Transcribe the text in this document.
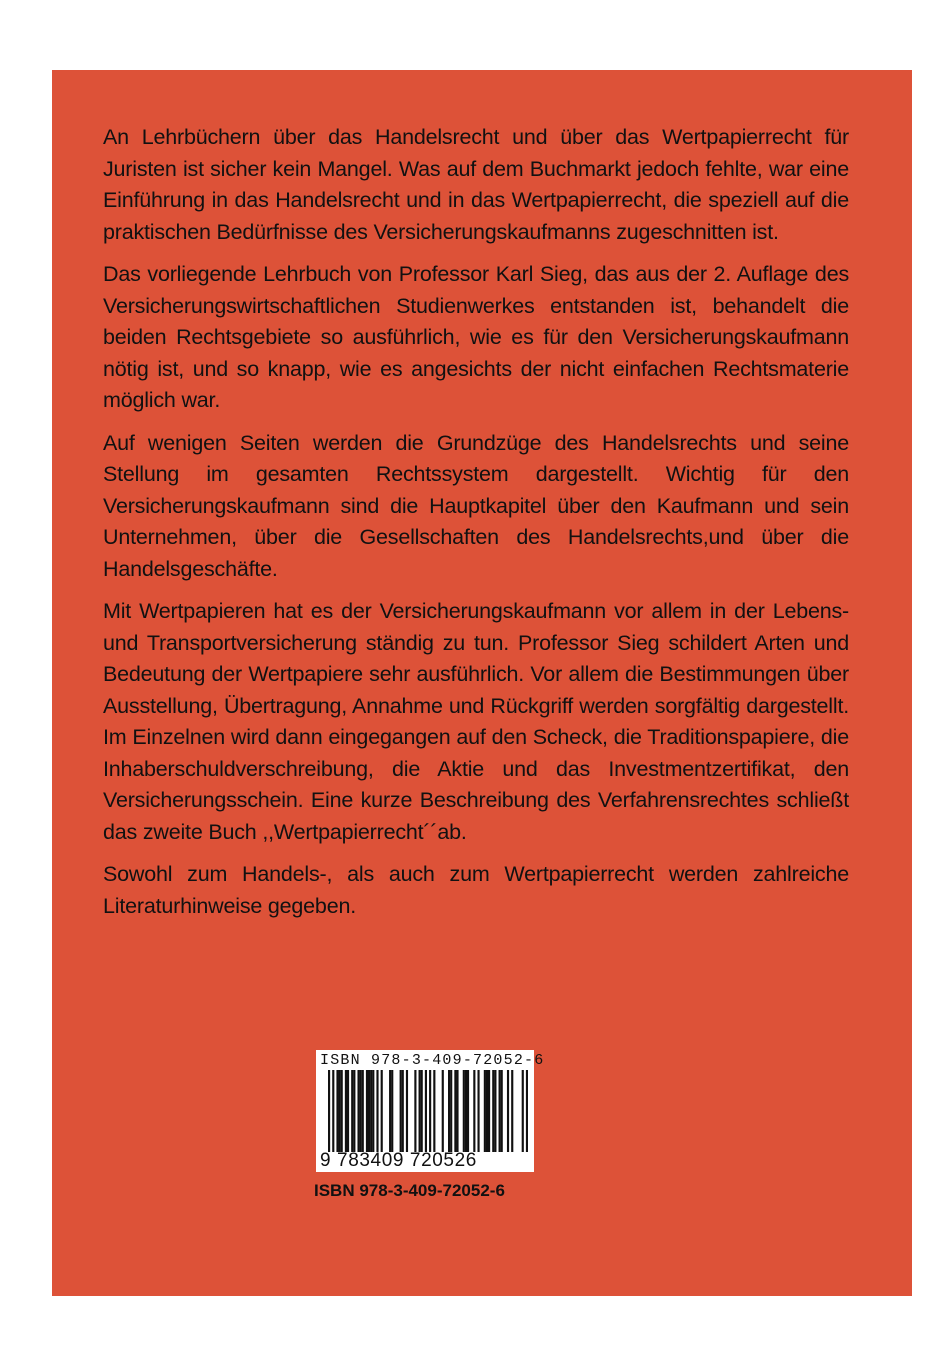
An Lehrbüchern über das Handelsrecht und über das Wertpapierrecht für Juristen ist sicher kein Mangel. Was auf dem Buchmarkt jedoch fehlte, war eine Einführung in das Handelsrecht und in das Wertpapierrecht, die speziell auf die praktischen Bedürfnisse des Versicherungskaufmanns zugeschnitten ist.

Das vorliegende Lehrbuch von Professor Karl Sieg, das aus der 2. Auflage des Versicherungswirtschaftlichen Studienwerkes entstanden ist, behandelt die beiden Rechtsgebiete so ausführlich, wie es für den Versicherungskaufmann nötig ist, und so knapp, wie es angesichts der nicht einfachen Rechtsmaterie möglich war.

Auf wenigen Seiten werden die Grundzüge des Handelsrechts und seine Stellung im gesamten Rechtssystem dargestellt. Wichtig für den Versicherungskaufmann sind die Hauptkapitel über den Kaufmann und sein Unternehmen, über die Gesellschaften des Handelsrechts,und über die Handelsgeschäfte.

Mit Wertpapieren hat es der Versicherungskaufmann vor allem in der Lebens- und Transportversicherung ständig zu tun. Professor Sieg schildert Arten und Bedeutung der Wertpapiere sehr ausführlich. Vor allem die Bestimmungen über Ausstellung, Übertragung, Annahme und Rückgriff werden sorgfältig dargestellt. Im Einzelnen wird dann eingegangen auf den Scheck, die Traditionspapiere, die Inhaberschuldverschreibung, die Aktie und das Investmentzertifikat, den Versicherungsschein. Eine kurze Beschreibung des Verfahrensrechtes schließt das zweite Buch ,,Wertpapierrecht´´ab.

Sowohl zum Handels-, als auch zum Wertpapierrecht werden zahlreiche Literaturhinweise gegeben.

ISBN 978-3-409-72052-6
9 783409 720526
ISBN 978-3-409-72052-6
